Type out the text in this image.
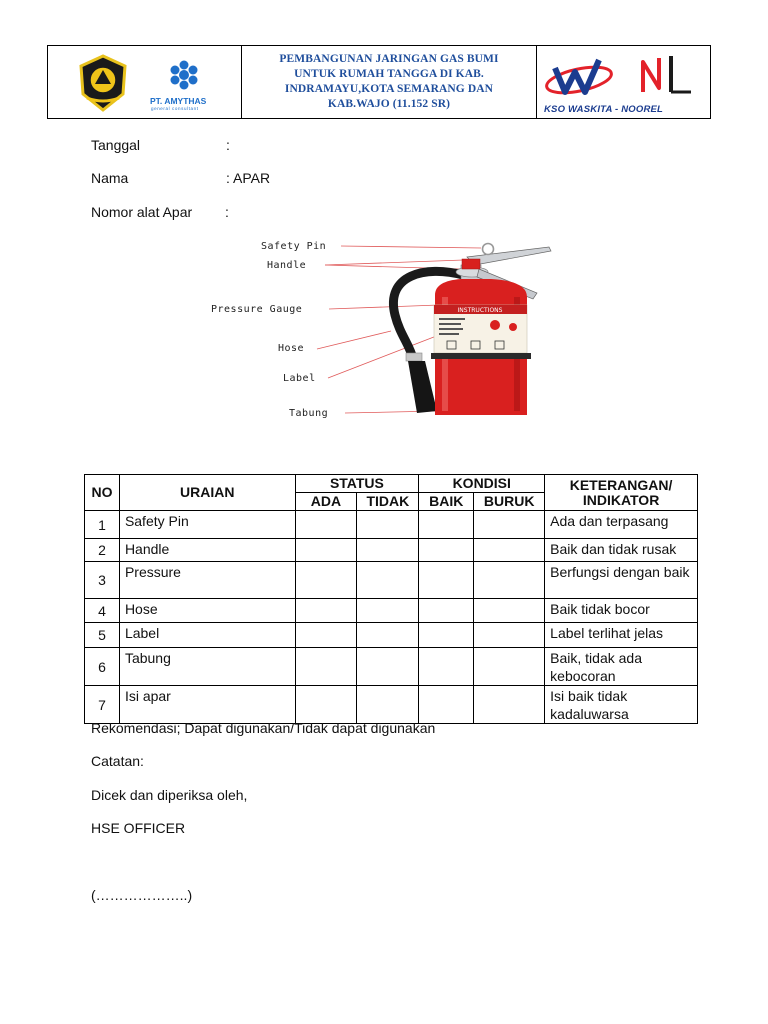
PT. AMYTHAS
general consultant
PEMBANGUNAN JARINGAN GAS BUMI
UNTUK RUMAH TANGGA DI KAB.
INDRAMAYU,KOTA SEMARANG DAN
KAB.WAJO (11.152 SR)	KSO WASKITA - NOOREL
Tanggal	:
Nama	: APAR
Nomor alat Apar :
Safety Pin
Handle
Pressure Gauge
Hose
Label
Tabung
INSTRUCTIONS
NO	URAIAN	STATUS		KONDISI		KETERANGAN/
INDIKATOR

		ADA	TIDAK	BAIK	BURUK	
1	Safety Pin					Ada dan terpasang
2	Handle					Baik dan tidak rusak
3	Pressure					Berfungsi dengan baik
4	Hose					Baik tidak bocor
5	Label					Label terlihat jelas
6	Tabung					Baik, tidak ada kebocoran
7	Isi apar					Isi baik tidak kadaluwarsa
Rekomendasi; Dapat digunakan/Tidak dapat digunakan
Catatan:
Dicek dan diperiksa oleh,
HSE OFFICER
(………………..)
